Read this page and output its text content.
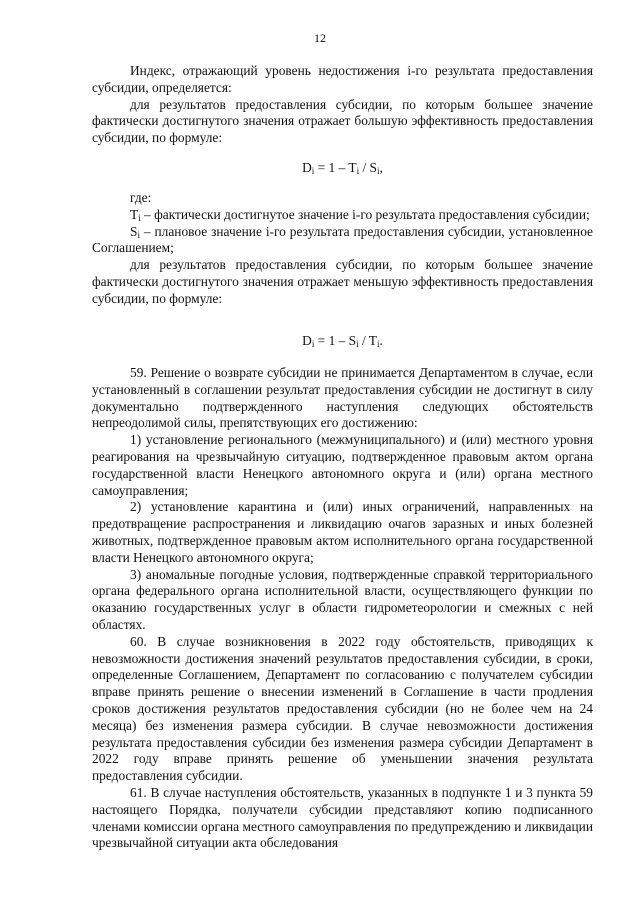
12

Индекс, отражающий уровень недостижения i-го результата предоставления субсидии, определяется:

для результатов предоставления субсидии, по которым большее значение фактически достигнутого значения отражает большую эффективность предоставления субсидии, по формуле:

$D_i = 1 - T_i / S_i$,

где:

$T_i$ – фактически достигнутое значение i-го результата предоставления субсидии;

$S_i$ – плановое значение i-го результата предоставления субсидии, установленное Соглашением;

для результатов предоставления субсидии, по которым большее значение фактически достигнутого значения отражает меньшую эффективность предоставления субсидии, по формуле:

$D_i = 1 - S_i / T_i$.

59. Решение о возврате субсидии не принимается Департаментом в случае, если установленный в соглашении результат предоставления субсидии не достигнут в силу документально подтвержденного наступления следующих обстоятельств непреодолимой силы, препятствующих его достижению:

1) установление регионального (межмуниципального) и (или) местного уровня реагирования на чрезвычайную ситуацию, подтвержденное правовым актом органа государственной власти Ненецкого автономного округа и (или) органа местного самоуправления;

2) установление карантина и (или) иных ограничений, направленных на предотвращение распространения и ликвидацию очагов заразных и иных болезней животных, подтвержденное правовым актом исполнительного органа государственной власти Ненецкого автономного округа;

3) аномальные погодные условия, подтвержденные справкой территориального органа федерального органа исполнительной власти, осуществляющего функции по оказанию государственных услуг в области гидрометеорологии и смежных с ней областях.

60. В случае возникновения в 2022 году обстоятельств, приводящих к невозможности достижения значений результатов предоставления субсидии, в сроки, определенные Соглашением, Департамент по согласованию с получателем субсидии вправе принять решение о внесении изменений в Соглашение в части продления сроков достижения результатов предоставления субсидии (но не более чем на 24 месяца) без изменения размера субсидии. В случае невозможности достижения результата предоставления субсидии без изменения размера субсидии Департамент в 2022 году вправе принять решение об уменьшении значения результата предоставления субсидии.

61. В случае наступления обстоятельств, указанных в подпункте 1 и 3 пункта 59 настоящего Порядка, получатели субсидии представляют копию подписанного членами комиссии органа местного самоуправления по предупреждению и ликвидации чрезвычайной ситуации акта обследования
